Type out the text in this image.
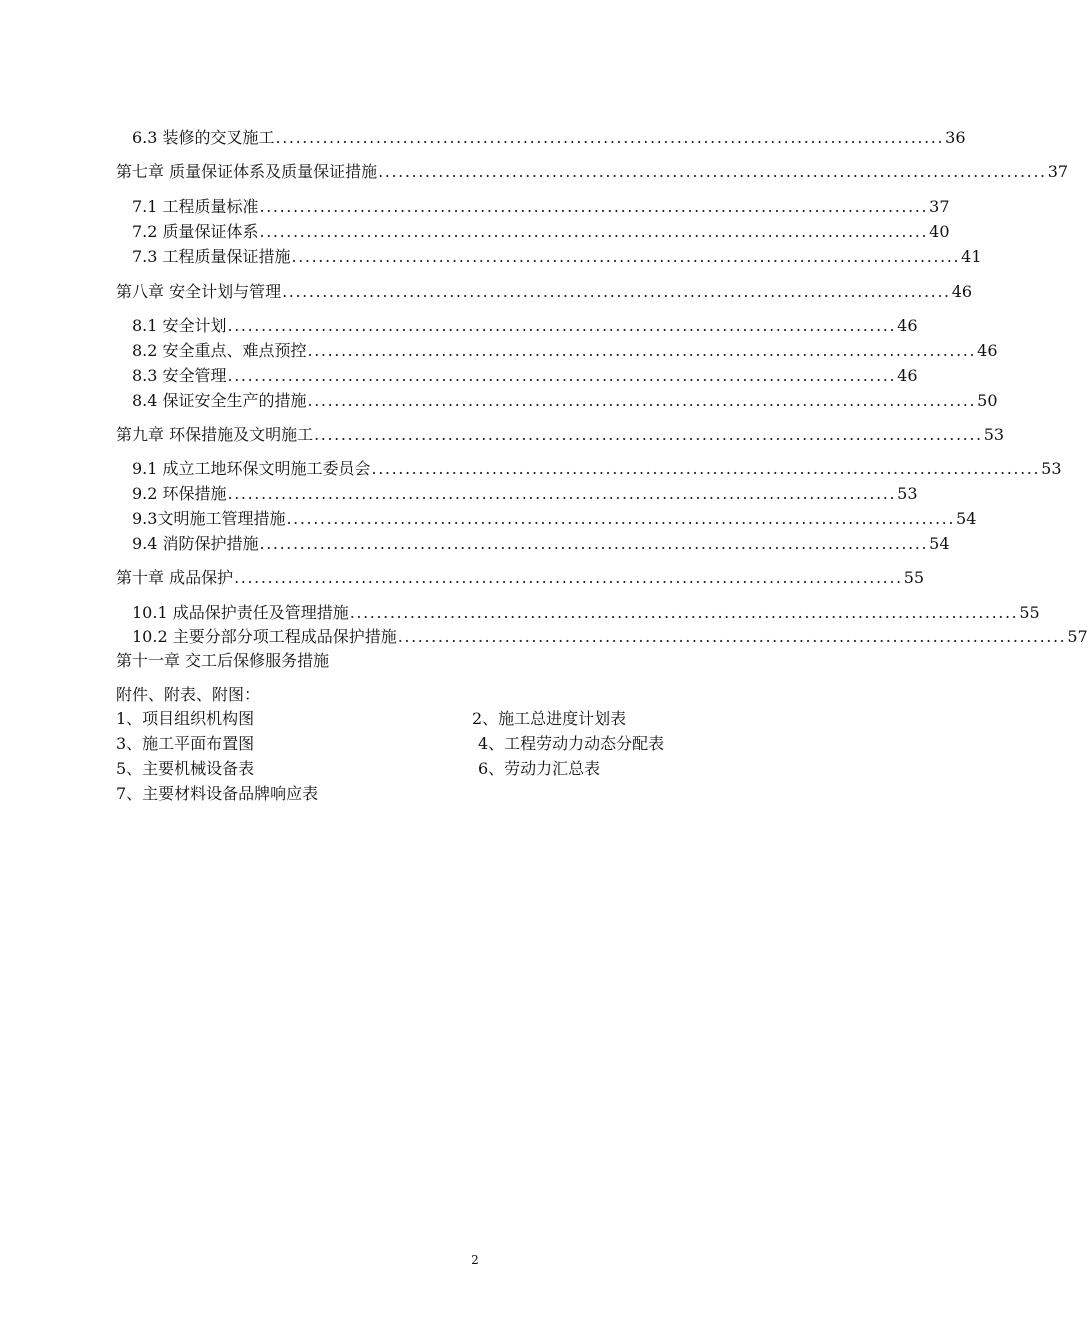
6.3 装修的交叉施工 .................................................................................................... 36
第七章 质量保证体系及质量保证措施 .................................................................................................... 37
7.1 工程质量标准 .................................................................................................... 37
7.2 质量保证体系 .................................................................................................... 40
7.3 工程质量保证措施 .................................................................................................... 41
第八章 安全计划与管理 .................................................................................................... 46
8.1 安全计划 .................................................................................................... 46
8.2 安全重点、难点预控 .................................................................................................... 46
8.3 安全管理 .................................................................................................... 46
8.4 保证安全生产的措施 .................................................................................................... 50
第九章 环保措施及文明施工 .................................................................................................... 53
9.1 成立工地环保文明施工委员会 .................................................................................................... 53
9.2 环保措施 .................................................................................................... 53
9.3文明施工管理措施 .................................................................................................... 54
9.4 消防保护措施 .................................................................................................... 54
第十章 成品保护 .................................................................................................... 55
10.1 成品保护责任及管理措施 .................................................................................................... 55
10.2 主要分部分项工程成品保护措施 .................................................................................................... 57
第十一章 交工后保修服务措施
附件、附表、附图：
1、项目组织机构图	2、施工总进度计划表
3、施工平面布置图	4、工程劳动力动态分配表
5、主要机械设备表	6、劳动力汇总表
7、主要材料设备品牌响应表
2
